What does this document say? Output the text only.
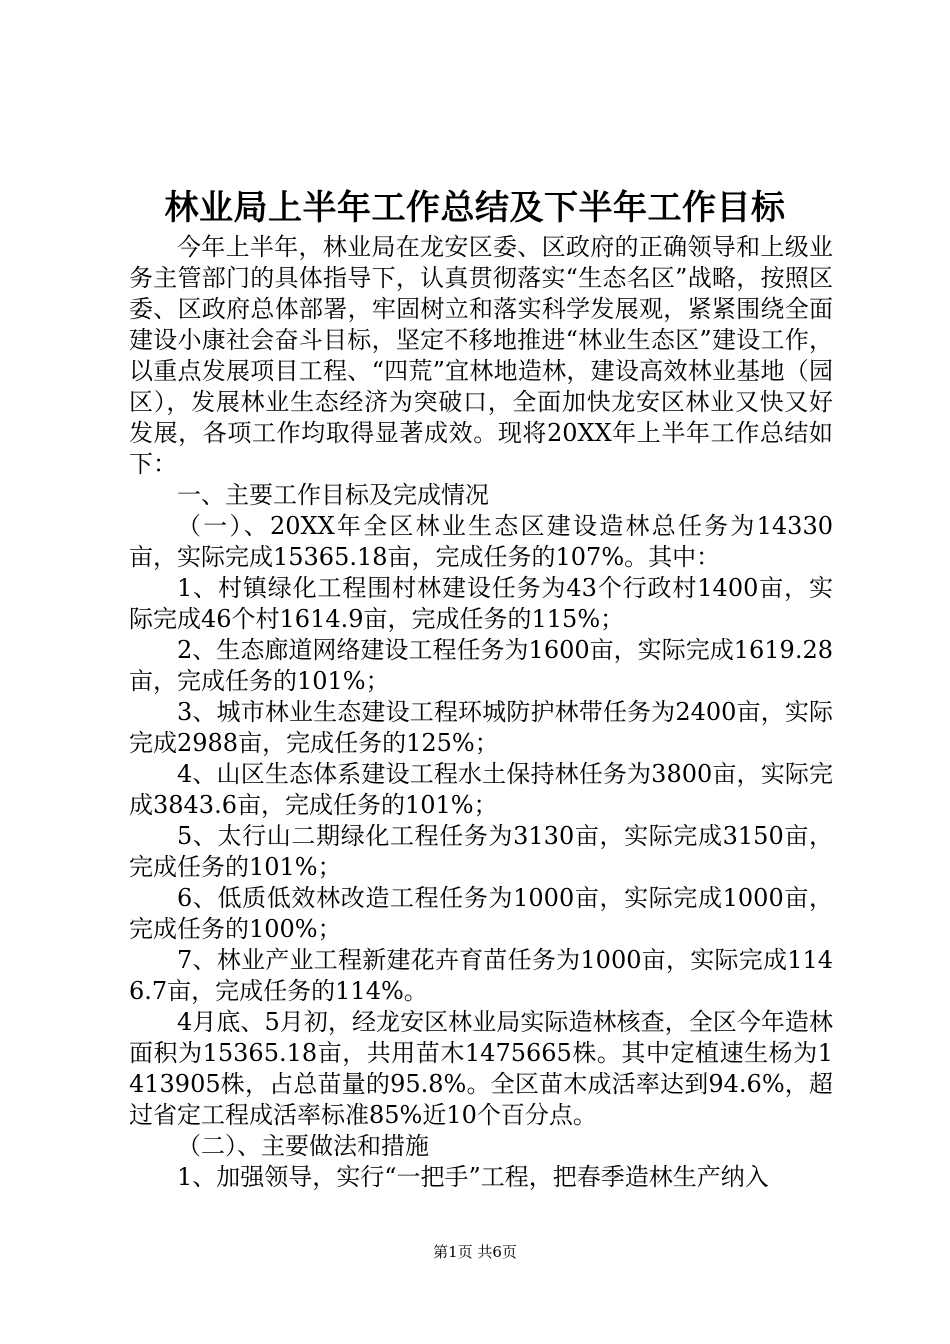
林业局上半年工作总结及下半年工作目标

今年上半年，林业局在龙安区委、区政府的正确领导和上级业务主管部门的具体指导下，认真贯彻落实“生态名区”战略，按照区委、区政府总体部署，牢固树立和落实科学发展观，紧紧围绕全面建设小康社会奋斗目标，坚定不移地推进“林业生态区”建设工作，以重点发展项目工程、“四荒”宜林地造林，建设高效林业基地（园区），发展林业生态经济为突破口，全面加快龙安区林业又快又好发展，各项工作均取得显著成效。现将20XX年上半年工作总结如下：

一、主要工作目标及完成情况

（一）、20XX年全区林业生态区建设造林总任务为14330亩，实际完成15365.18亩，完成任务的107%。其中：

1、村镇绿化工程围村林建设任务为43个行政村1400亩，实际完成46个村1614.9亩，完成任务的115%；

2、生态廊道网络建设工程任务为1600亩，实际完成1619.28亩，完成任务的101%；

3、城市林业生态建设工程环城防护林带任务为2400亩，实际完成2988亩，完成任务的125%；

4、山区生态体系建设工程水土保持林任务为3800亩，实际完成3843.6亩，完成任务的101%；

5、太行山二期绿化工程任务为3130亩，实际完成3150亩，完成任务的101%；

6、低质低效林改造工程任务为1000亩，实际完成1000亩，完成任务的100%；

7、林业产业工程新建花卉育苗任务为1000亩，实际完成1146.7亩，完成任务的114%。

4月底、5月初，经龙安区林业局实际造林核查，全区今年造林面积为15365.18亩，共用苗木1475665株。其中定植速生杨为1413905株，占总苗量的95.8%。全区苗木成活率达到94.6%，超过省定工程成活率标准85%近10个百分点。

（二）、主要做法和措施

1、加强领导，实行“一把手”工程，把春季造林生产纳入

第1页 共6页
